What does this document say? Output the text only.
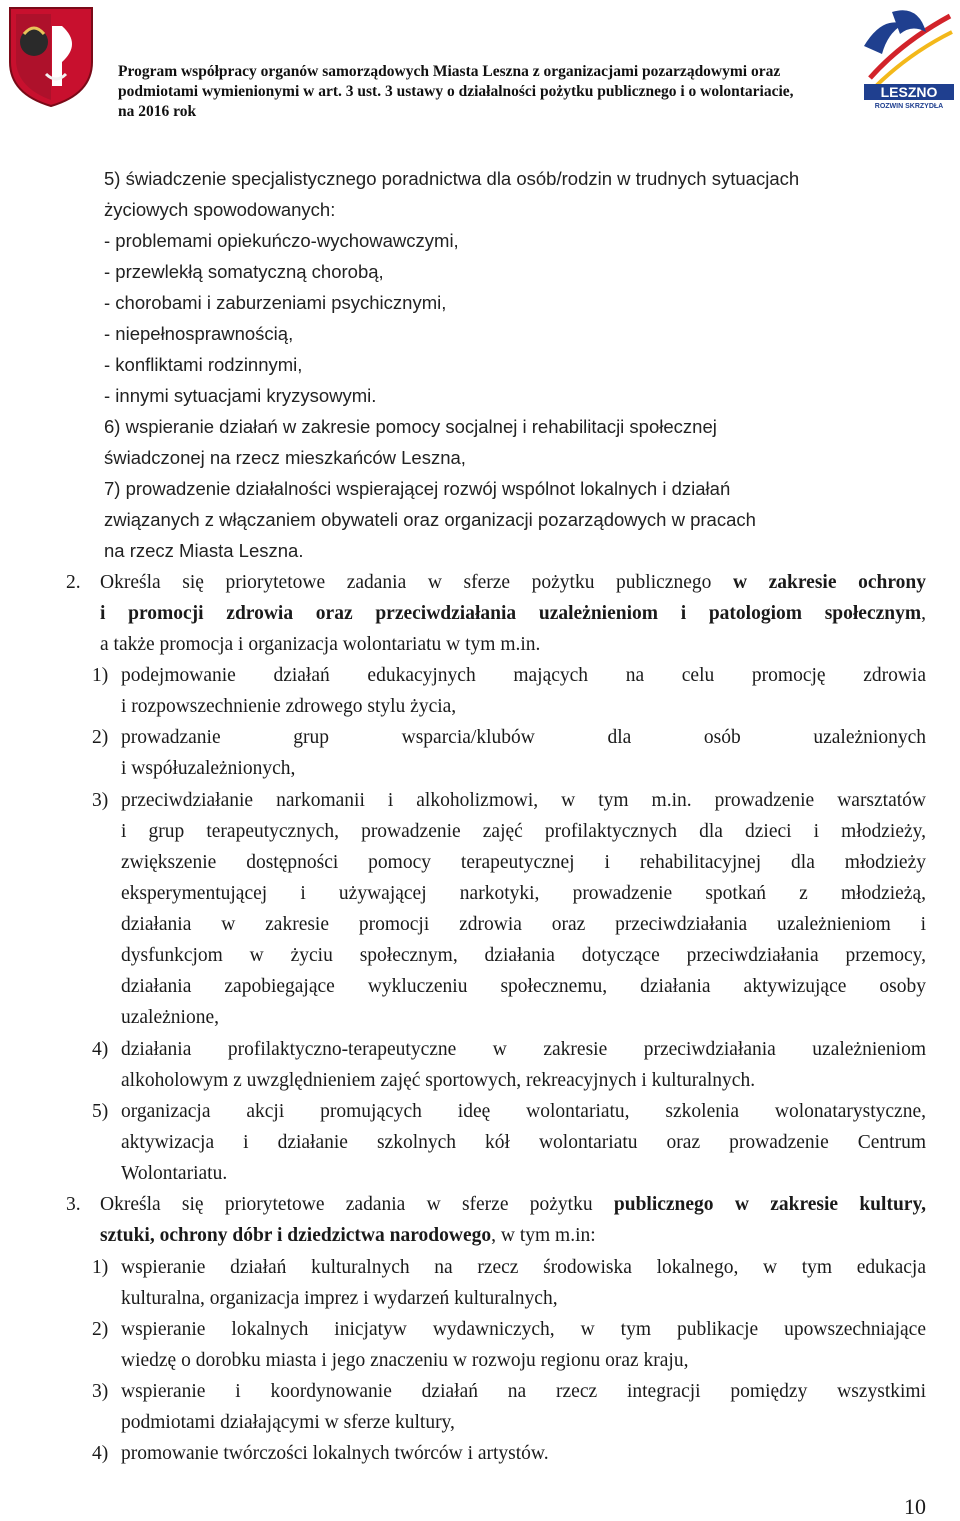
Program współpracy organów samorządowych Miasta Leszna z organizacjami pozarządowymi oraz
podmiotami wymienionymi w art. 3 ust. 3 ustawy o działalności pożytku publicznego i o wolontariacie,
na 2016 rok
LESZNO
ROZWIN SKRZYDŁA
5) świadczenie specjalistycznego poradnictwa dla osób/rodzin w trudnych sytuacjach
życiowych spowodowanych:
- problemami opiekuńczo-wychowawczymi,
- przewlekłą somatyczną chorobą,
- chorobami i zaburzeniami psychicznymi,
- niepełnosprawnością,
- konfliktami rodzinnymi,
- innymi sytuacjami kryzysowymi.
6) wspieranie działań w zakresie pomocy socjalnej i rehabilitacji społecznej
świadczonej na rzecz mieszkańców Leszna,
7) prowadzenie działalności wspierającej rozwój wspólnot lokalnych i działań
związanych z włączaniem obywateli oraz organizacji pozarządowych w pracach
na rzecz Miasta Leszna.
2. Określa się priorytetowe zadania w sferze pożytku publicznego w zakresie ochrony
i promocji zdrowia oraz przeciwdziałania uzależnieniom i patologiom społecznym,
a także promocja i organizacja wolontariatu w tym m.in.
1) podejmowanie działań edukacyjnych mających na celu promocję zdrowia
i rozpowszechnienie zdrowego stylu życia,
2) prowadzanie grup wsparcia/klubów dla osób uzależnionych
i współuzależnionych,
3) przeciwdziałanie narkomanii i alkoholizmowi, w tym m.in. prowadzenie warsztatów
i grup terapeutycznych, prowadzenie zajęć profilaktycznych dla dzieci i młodzieży,
zwiększenie dostępności pomocy terapeutycznej i rehabilitacyjnej dla młodzieży
eksperymentującej i używającej narkotyki, prowadzenie spotkań z młodzieżą,
działania w zakresie promocji zdrowia oraz przeciwdziałania uzależnieniom i
dysfunkcjom w życiu społecznym, działania dotyczące przeciwdziałania przemocy,
działania zapobiegające wykluczeniu społecznemu, działania aktywizujące osoby
uzależnione,
4) działania profilaktyczno-terapeutyczne w zakresie przeciwdziałania uzależnieniom
alkoholowym z uwzględnieniem zajęć sportowych, rekreacyjnych i kulturalnych.
5) organizacja akcji promujących ideę wolontariatu, szkolenia wolonatarystyczne,
aktywizacja i działanie szkolnych kół wolontariatu oraz prowadzenie Centrum
Wolontariatu.
3. Określa się priorytetowe zadania w sferze pożytku publicznego w zakresie kultury,
sztuki, ochrony dóbr i dziedzictwa narodowego, w tym m.in:
1) wspieranie działań kulturalnych na rzecz środowiska lokalnego, w tym edukacja
kulturalna, organizacja imprez i wydarzeń kulturalnych,
2) wspieranie lokalnych inicjatyw wydawniczych, w tym publikacje upowszechniające
wiedzę o dorobku miasta i jego znaczeniu w rozwoju regionu oraz kraju,
3) wspieranie i koordynowanie działań na rzecz integracji pomiędzy wszystkimi
podmiotami działającymi w sferze kultury,
4) promowanie twórczości lokalnych twórców i artystów.
10
